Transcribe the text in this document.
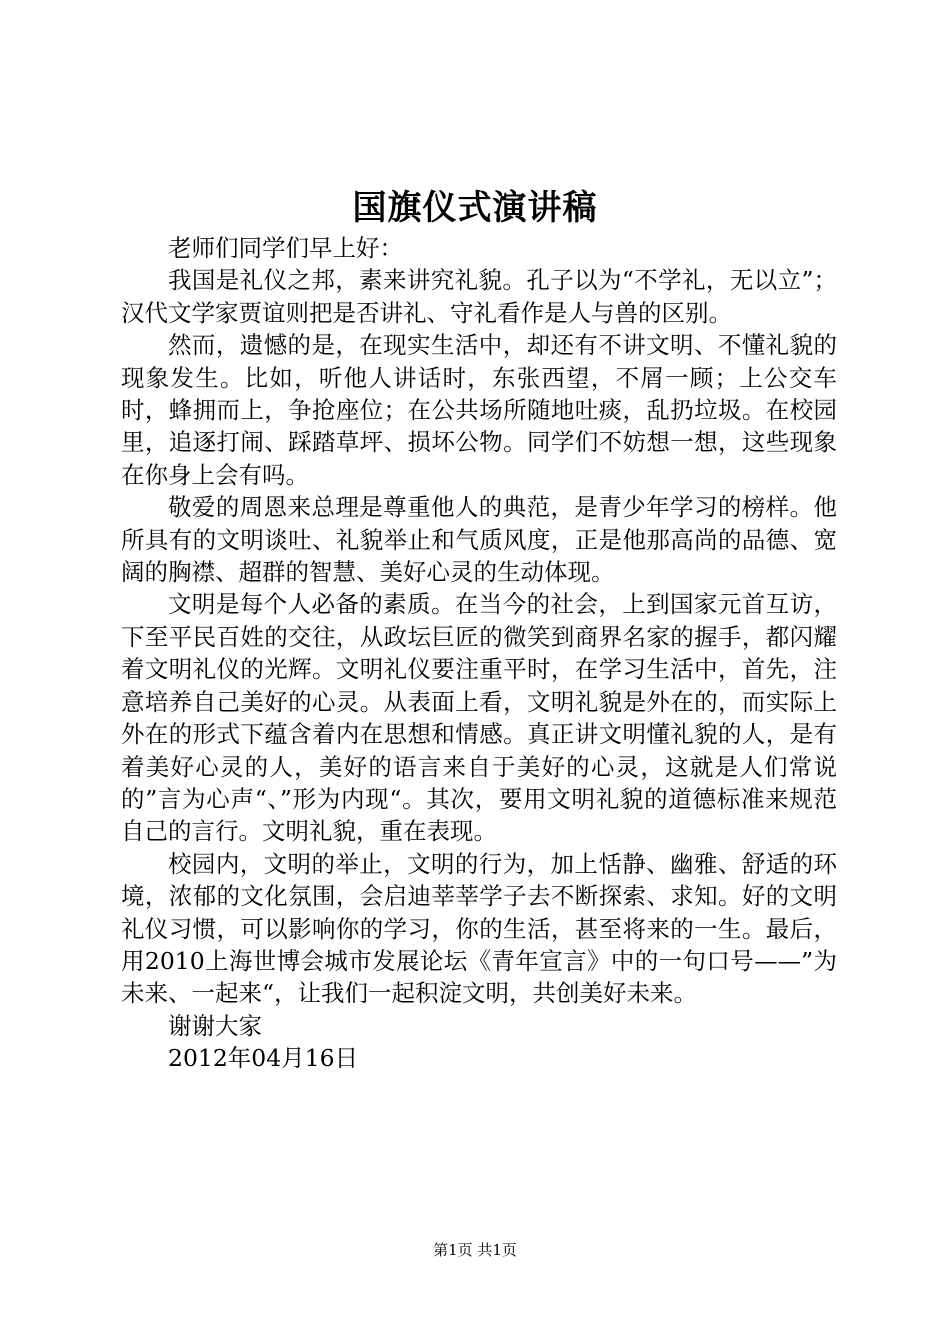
国旗仪式演讲稿

老师们同学们早上好：

我国是礼仪之邦，素来讲究礼貌。孔子以为“不学礼，无以立”；汉代文学家贾谊则把是否讲礼、守礼看作是人与兽的区别。

然而，遗憾的是，在现实生活中，却还有不讲文明、不懂礼貌的现象发生。比如，听他人讲话时，东张西望，不屑一顾；上公交车时，蜂拥而上，争抢座位；在公共场所随地吐痰，乱扔垃圾。在校园里，追逐打闹、踩踏草坪、损坏公物。同学们不妨想一想，这些现象在你身上会有吗。

敬爱的周恩来总理是尊重他人的典范，是青少年学习的榜样。他所具有的文明谈吐、礼貌举止和气质风度，正是他那高尚的品德、宽阔的胸襟、超群的智慧、美好心灵的生动体现。

文明是每个人必备的素质。在当今的社会，上到国家元首互访，下至平民百姓的交往，从政坛巨匠的微笑到商界名家的握手，都闪耀着文明礼仪的光辉。文明礼仪要注重平时，在学习生活中，首先，注意培养自己美好的心灵。从表面上看，文明礼貌是外在的，而实际上外在的形式下蕴含着内在思想和情感。真正讲文明懂礼貌的人，是有着美好心灵的人，美好的语言来自于美好的心灵，这就是人们常说的”言为心声“、”形为内现“。其次，要用文明礼貌的道德标准来规范自己的言行。文明礼貌，重在表现。

校园内，文明的举止，文明的行为，加上恬静、幽雅、舒适的环境，浓郁的文化氛围，会启迪莘莘学子去不断探索、求知。好的文明礼仪习惯，可以影响你的学习，你的生活，甚至将来的一生。最后，用2010上海世博会城市发展论坛《青年宣言》中的一句口号——”为未来、一起来“，让我们一起积淀文明，共创美好未来。

谢谢大家

2012年04月16日

第1页 共1页
